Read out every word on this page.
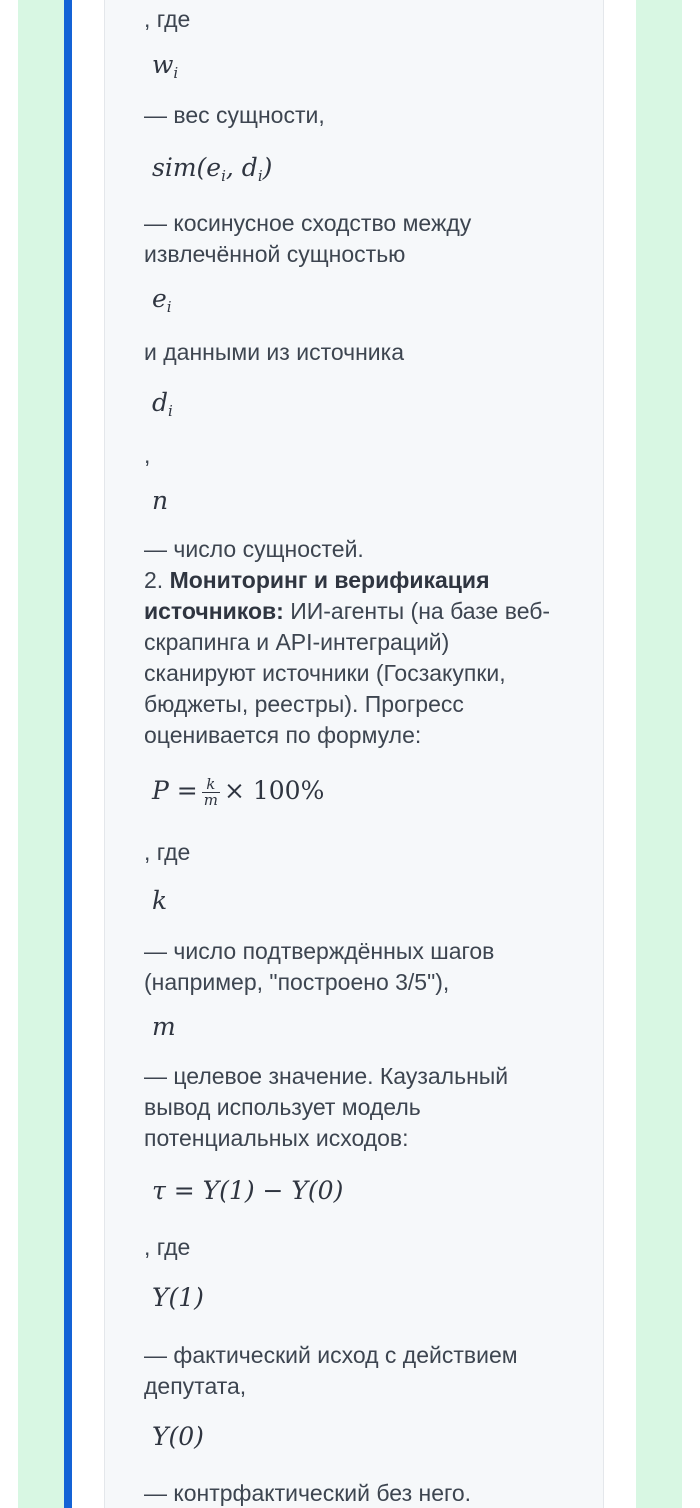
, где

$w_i$

— вес сущности,

$sim(e_i$, $d_i$)

— косинусное сходство между извлечённой сущностью

$e_i$

и данными из источника

$d_i$

,

n

— число сущностей.

2. Мониторинг и верификация источников: ИИ-агенты (на базе веб-скрапинга и API-интеграций) сканируют источники (Госзакупки, бюджеты, реестры). Прогресс оценивается по формуле:

$P = \frac{k}{m} \times 100\%$

, где

k

— число подтверждённых шагов (например, "построено 3/5"),

m

— целевое значение. Каузальный вывод использует модель потенциальных исходов:

τ = Y(1) − Y(0)

, где

Y(1)

— фактический исход с действием депутата,

Y(0)

— контрфактический без него.
